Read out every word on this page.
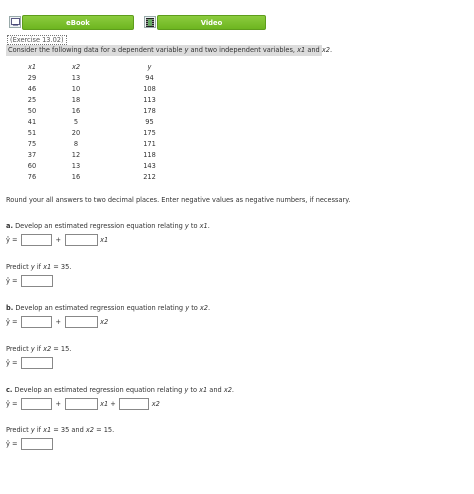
eBook	Video
(Exercise 13.02)
Consider the following data for a dependent variable y and two independent variables, x1 and x2.
x1	x2	y
29	13	94
46	10	108
25	18	113
50	16	178
41	5	95
51	20	175
75	8	171
37	12	118
60	13	143
76	16	212
Round your all answers to two decimal places. Enter negative values as negative numbers, if necessary.
a. Develop an estimated regression equation relating y to x1.
ŷ =	+	x1
Predict y if x1 = 35.
ŷ =
b. Develop an estimated regression equation relating y to x2.
ŷ =	+	x2
Predict y if x2 = 15.
ŷ =
c. Develop an estimated regression equation relating y to x1 and x2.
ŷ =	+	x1 +	x2
Predict y if x1 = 35 and x2 = 15.
ŷ =
